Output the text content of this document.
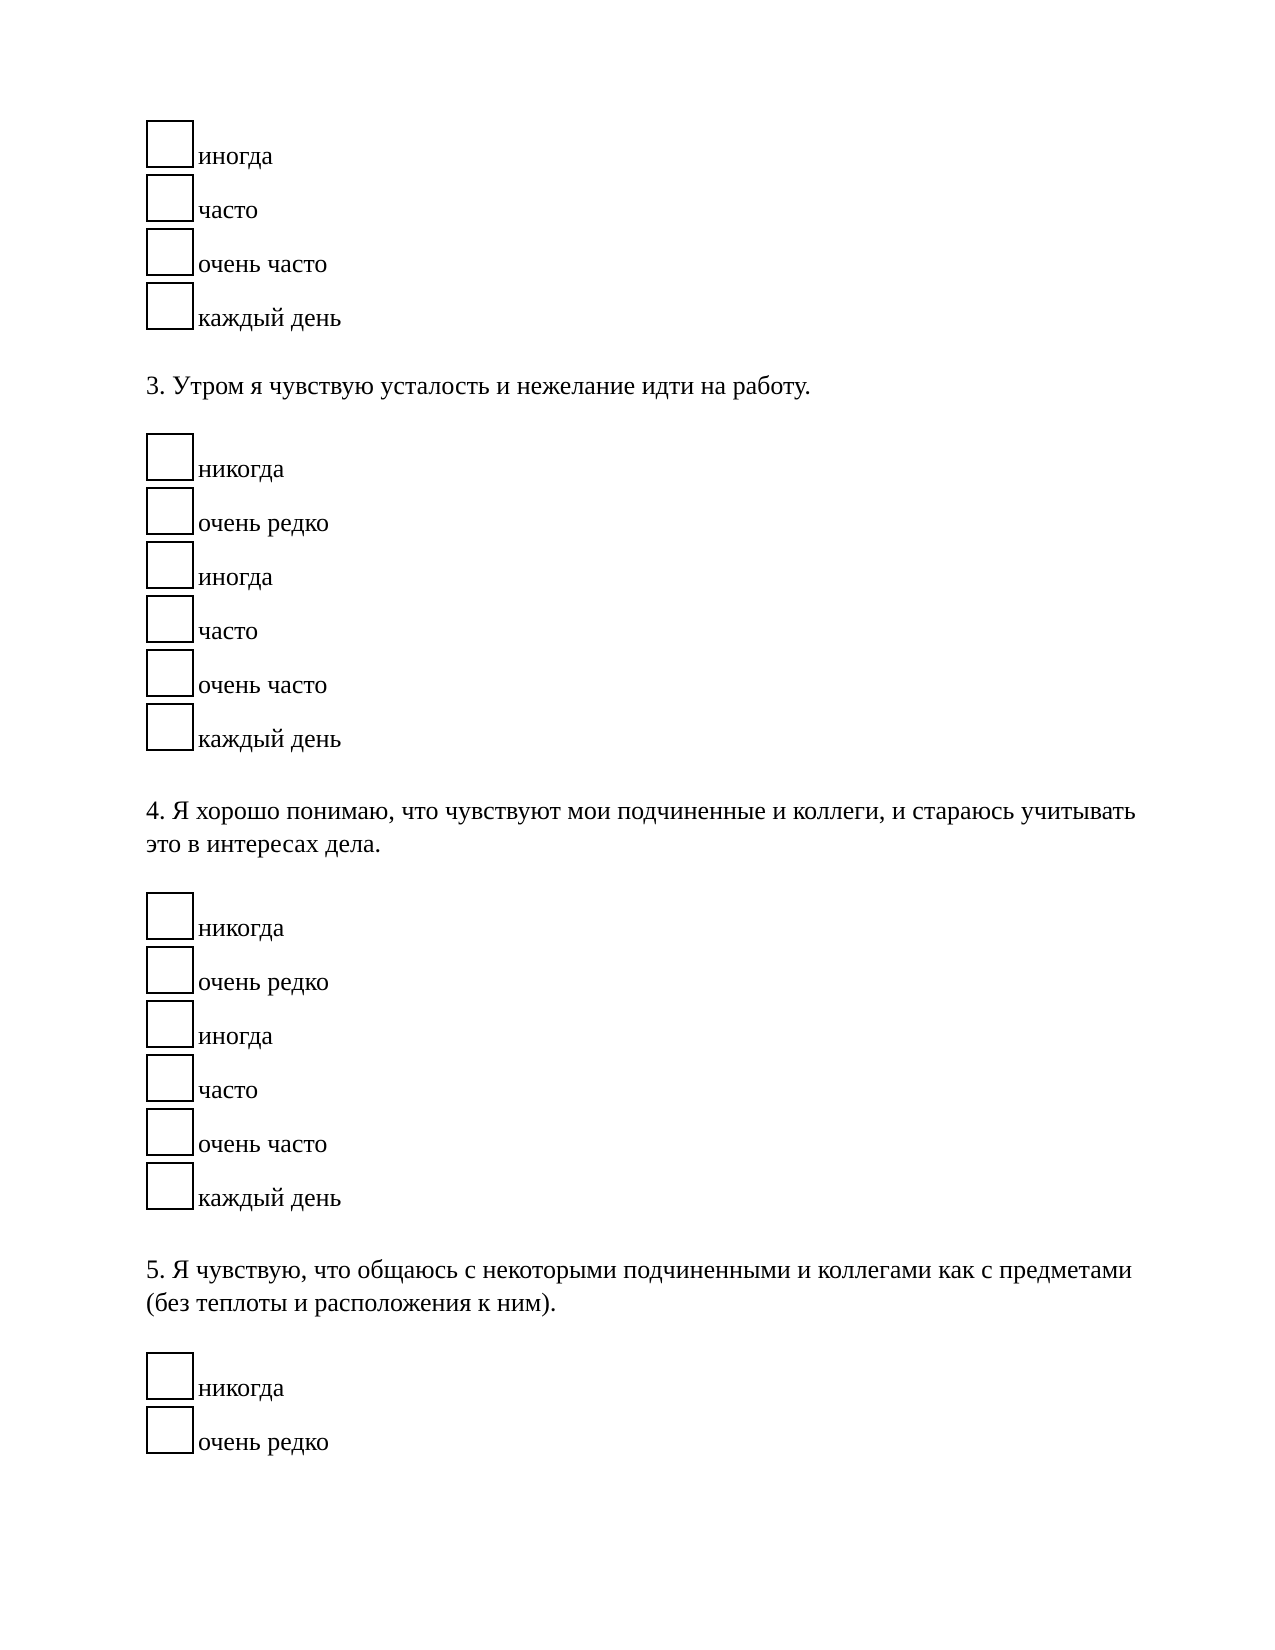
иногда
часто
очень часто
каждый день

3. Утром я чувствую усталость и нежелание идти на работу.

никогда
очень редко
иногда
часто
очень часто
каждый день

4. Я хорошо понимаю, что чувствуют мои подчиненные и коллеги, и стараюсь учитывать это в интересах дела.

никогда
очень редко
иногда
часто
очень часто
каждый день

5. Я чувствую, что общаюсь с некоторыми подчиненными и коллегами как с предметами (без теплоты и расположения к ним).

никогда
очень редко
